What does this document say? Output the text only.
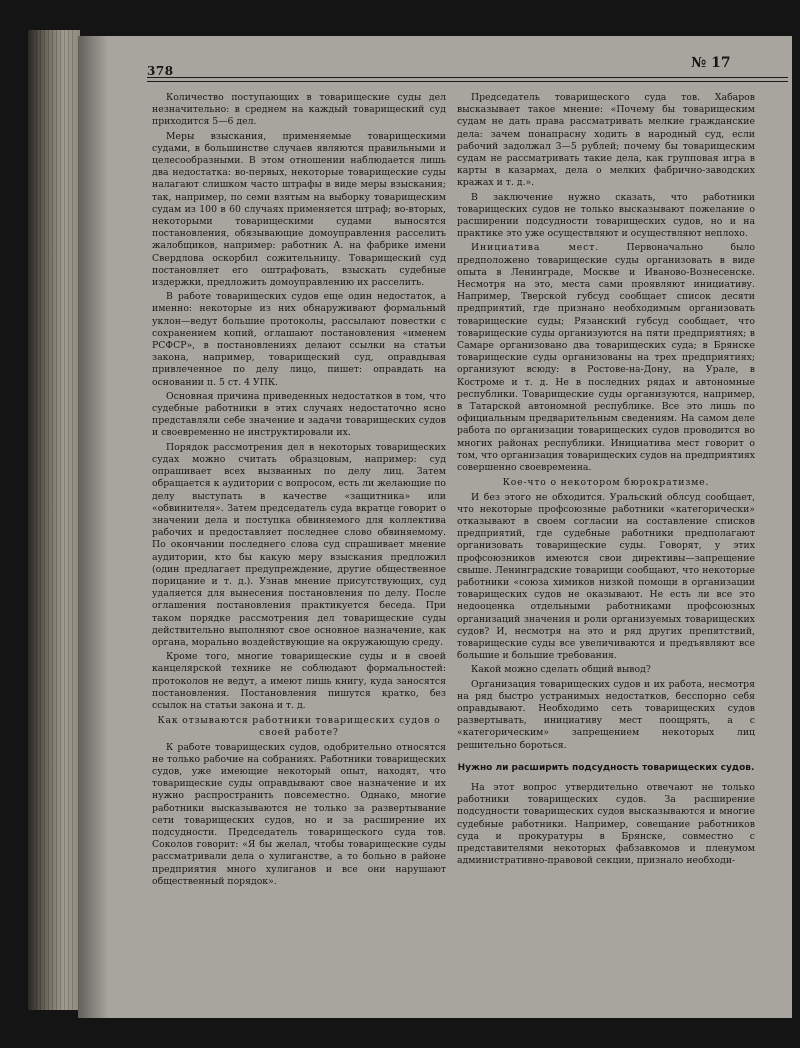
378	№ 17

Количество поступающих в товарищеские суды дел незначительно: в среднем на каждый товарищеский суд приходится 5—6 дел.

Меры взыскания, применяемые товарищескими судами, в большинстве случаев являются правильными и целесообразными. В этом отношении наблюдается лишь два недостатка: во-первых, некоторые товарищеские суды налагают слишком часто штрафы в виде меры взыскания; так, например, по семи взятым на выборку товарищеским судам из 100 в 60 случаях применяется штраф; во-вторых, некоторыми товарищескими судами выносятся постановления, обязывающие домоуправления расселить жалобщиков, например: работник А. на фабрике имени Свердлова оскорбил сожительницу. Товарищеский суд постановляет его оштрафовать, взыскать судебные издержки, предложить домоуправлению их расселить.

В работе товарищеских судов еще один недостаток, а именно: некоторые из них обнаруживают формальный уклон—ведут большие протоколы, рассылают повестки с сохранением копий, оглашают постановления «именем РСФСР», в постановлениях делают ссылки на статьи закона, например, товарищеский суд, оправдывая привлеченное по делу лицо, пишет: оправдать на основании п. 5 ст. 4 УПК.

Основная причина приведенных недостатков в том, что судебные работники в этих случаях недостаточно ясно представляли себе значение и задачи товарищеских судов и своевременно не инструктировали их.

Порядок рассмотрения дел в некоторых товарищеских судах можно считать образцовым, например: суд опрашивает всех вызванных по делу лиц. Затем обращается к аудитории с вопросом, есть ли желающие по делу выступать в качестве «защитника» или «обвинителя». Затем председатель суда вкратце говорит о значении дела и поступка обвиняемого для коллектива рабочих и предоставляет последнее слово обвиняемому. По окончании последнего слова суд спрашивает мнение аудитории, кто бы какую меру взыскания предложил (один предлагает предупреждение, другие общественное порицание и т. д.). Узнав мнение присутствующих, суд удаляется для вынесения постановления по делу. После оглашения постановления практикуется беседа. При таком порядке рассмотрения дел товарищеские суды действительно выполняют свое основное назначение, как органа, морально воздействующие на окружающую среду.

Кроме того, многие товарищеские суды и в своей канцелярской технике не соблюдают формальностей: протоколов не ведут, а имеют лишь книгу, куда заносятся постановления. Постановления пишутся кратко, без ссылок на статьи закона и т. д.

Как отзываются работники товарищеских судов о своей работе?

К работе товарищеских судов, одобрительно относятся не только рабочие на собраниях. Работники товарищеских судов, уже имеющие некоторый опыт, находят, что товарищеские суды оправдывают свое назначение и их нужно распространить повсеместно. Однако, многие работники высказываются не только за развертывание сети товарищеских судов, но и за расширение их подсудности. Председатель товарищеского суда тов. Соколов говорит: «Я бы желал, чтобы товарищеские суды рассматривали дела о хулиганстве, а то больно в районе предприятия много хулиганов и все они нарушают общественный порядок».

Председатель товарищеского суда тов. Хабаров высказывает такое мнение: «Почему бы товарищеским судам не дать права рассматривать мелкие гражданские дела: зачем понапрасну ходить в народный суд, если рабочий задолжал 3—5 рублей; почему бы товарищеским судам не рассматривать такие дела, как групповая игра в карты в казармах, дела о мелких фабрично-заводских кражах и т. д.».

В заключение нужно сказать, что работники товарищеских судов не только высказывают пожелание о расширении подсудности товарищеских судов, но и на практике это уже осуществляют и осуществляют неплохо.

Инициатива мест.	Первоначально было предположено товарищеские суды организовать в виде опыта в Ленинграде, Москве и Иваново-Вознесенске. Несмотря на это, места сами проявляют инициативу. Например, Тверской губсуд сообщает список десяти предприятий, где признано необходимым организовать товарищеские суды; Рязанский губсуд сообщает, что товарищеские суды организуются на пяти предприятиях; в Самаре организовано два товарищеских суда; в Брянске товарищеские суды организованы на трех предприятиях; организуют всюду: в Ростове-на-Дону, на Урале, в Костроме и т. д. Не в последних рядах и автономные республики. Товарищеские суды организуются, например, в Татарской автономной республике. Все это лишь по официальным предварительным сведениям. На самом деле работа по организации товарищеских судов проводится во многих районах республики. Инициатива мест говорит о том, что организация товарищеских судов на предприятиях совершенно своевременна.

Кое-что о некотором бюрократизме.

И без этого не обходится. Уральский облсуд сообщает, что некоторые профсоюзные работники «категорически» отказывают в своем согласии на составление списков предприятий, где судебные работники предполагают организовать товарищеские суды. Говорят, у этих профсоюзников имеются свои директивы—запрещение свыше. Ленинградские товарищи сообщают, что некоторые работники «союза химиков низкой помощи в организации товарищеских судов не оказывают. Не есть ли все это недооценка отдельными работниками профсоюзных организаций значения и роли организуемых товарищеских судов? И, несмотря на это и ряд других препятствий, товарищеские суды все увеличиваются и предъявляют все большие и большие требования.

Какой можно сделать общий вывод?

Организация товарищеских судов и их работа, несмотря на ряд быстро устранимых недостатков, бесспорно себя оправдывают. Необходимо сеть товарищеских судов развертывать, инициативу мест поощрять, а с «категорическим» запрещением некоторых лиц решительно бороться.

Нужно ли расширить подсудность товарищеских судов.

На этот вопрос утвердительно отвечают не только работники товарищеских судов. За расширение подсудности товарищеских судов высказываются и многие судебные работники. Например, совещание работников суда и прокуратуры в Брянске, совместно с представителями некоторых фабзавкомов и пленумом административно-правовой секции, признало необходи-
